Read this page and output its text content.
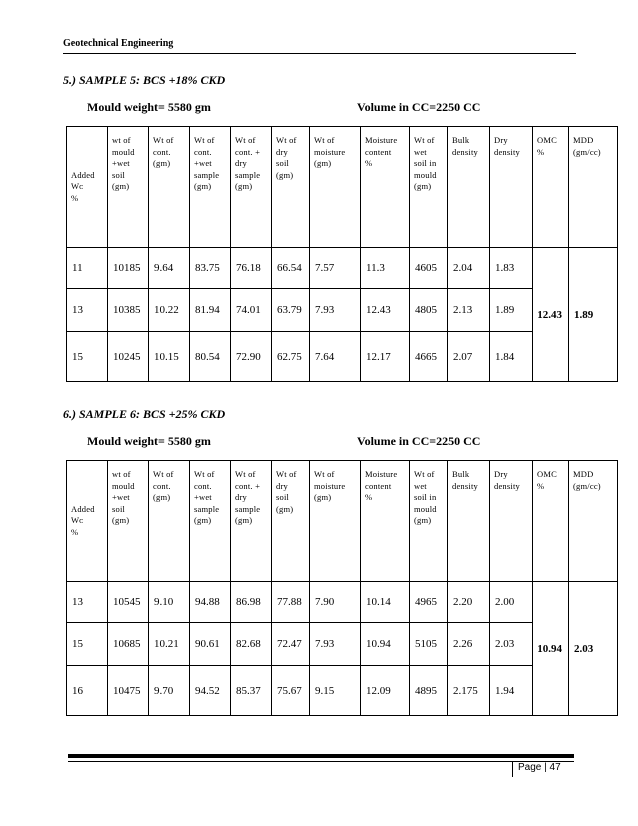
Geotechnical Engineering
5.) SAMPLE 5: BCS +18% CKD
Mould weight= 5580 gm	Volume in CC=2250 CC
Added
Wᴄ
%	wt of
mould
+wet
soil
(gm)	Wt of
cont.
(gm)	Wt of
cont.
+wet
sample
(gm)	Wt of
cont. +
dry
sample
(gm)	Wt of
dry
soil
(gm)	Wt of
moisture
(gm)	Moisture
content
%	Wt of
wet
soil in
mould
(gm)	Bulk
density	Dry
density	OMC
%	MDD
(gm/cc)

11	10185	9.64	83.75	76.18	66.54	7.57	11.3	4605	2.04	1.83	12.43	1.89
13	10385	10.22	81.94	74.01	63.79	7.93	12.43	4805	2.13	1.89		
15	10245	10.15	80.54	72.90	62.75	7.64	12.17	4665	2.07	1.84		
6.) SAMPLE 6: BCS +25% CKD
Mould weight= 5580 gm	Volume in CC=2250 CC
Added
Wᴄ
%	wt of
mould
+wet
soil
(gm)	Wt of
cont.
(gm)	Wt of
cont.
+wet
sample
(gm)	Wt of
cont. +
dry
sample
(gm)	Wt of
dry
soil
(gm)	Wt of
moisture
(gm)	Moisture
content
%	Wt of
wet
soil in
mould
(gm)	Bulk
density	Dry
density	OMC
%	MDD
(gm/cc)

13	10545	9.10	94.88	86.98	77.88	7.90	10.14	4965	2.20	2.00	10.94	2.03
15	10685	10.21	90.61	82.68	72.47	7.93	10.94	5105	2.26	2.03		
16	10475	9.70	94.52	85.37	75.67	9.15	12.09	4895	2.175	1.94		
Page | 47
